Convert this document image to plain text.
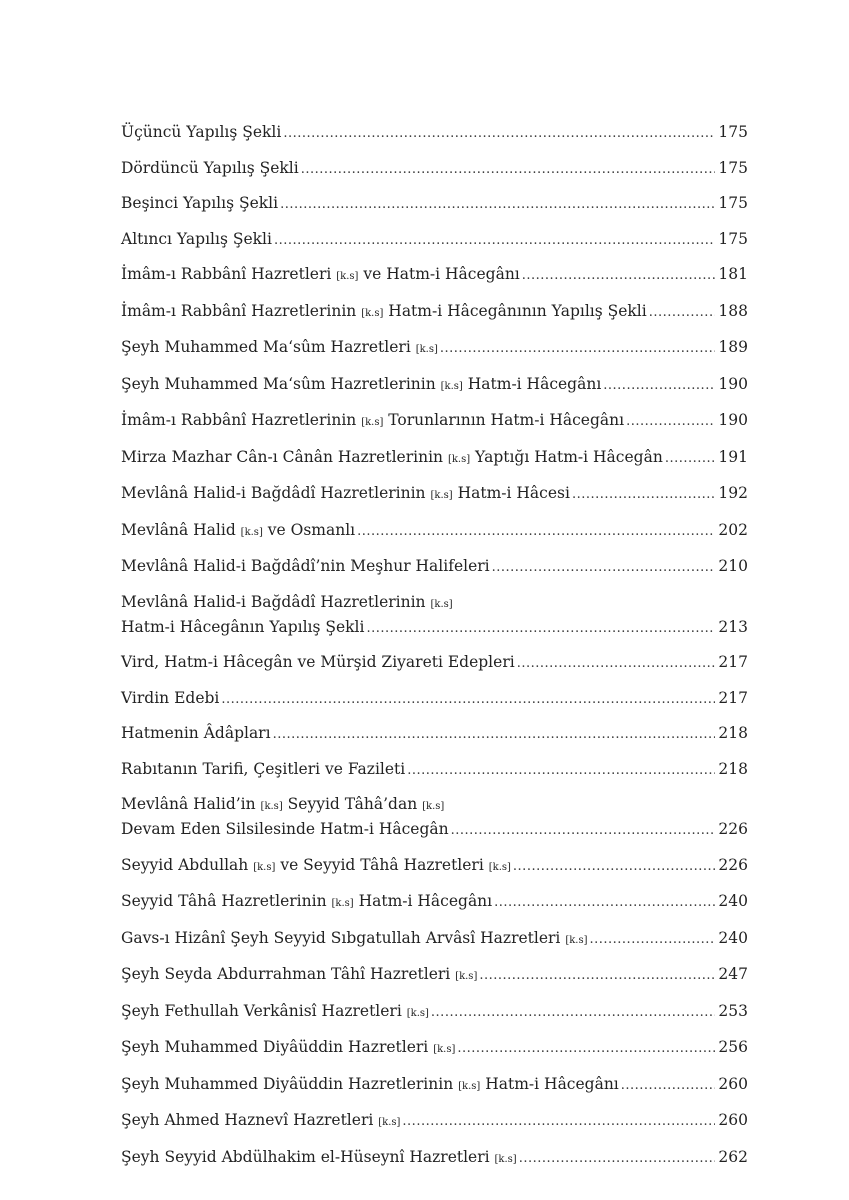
Üçüncü Yapılış Şekli .....	175
Dördüncü Yapılış Şekli .....	175
Beşinci Yapılış Şekli .....	175
Altıncı Yapılış Şekli .....	175
İmâm-ı Rabbânî Hazretleri [k.s] ve Hatm-i Hâcegânı .....	181
İmâm-ı Rabbânî Hazretlerinin [k.s] Hatm-i Hâcegânının Yapılış Şekli .....	188
Şeyh Muhammed Ma‘sûm Hazretleri [k.s] .....	189
Şeyh Muhammed Ma‘sûm Hazretlerinin [k.s] Hatm-i Hâcegânı .....	190
İmâm-ı Rabbânî Hazretlerinin [k.s] Torunlarının Hatm-i Hâcegânı .....	190
Mirza Mazhar Cân-ı Cânân Hazretlerinin [k.s] Yaptığı Hatm-i Hâcegân .....	191
Mevlânâ Halid-i Bağdâdî Hazretlerinin [k.s] Hatm-i Hâcesi .....	192
Mevlânâ Halid [k.s] ve Osmanlı .....	202
Mevlânâ Halid-i Bağdâdî’nin Meşhur Halifeleri .....	210
Mevlânâ Halid-i Bağdâdî Hazretlerinin [k.s]
Hatm-i Hâcegânın Yapılış Şekli .....	213
Vird, Hatm-i Hâcegân ve Mürşid Ziyareti Edepleri .....	217
Virdin Edebi .....	217
Hatmenin Âdâpları .....	218
Rabıtanın Tarifi, Çeşitleri ve Fazileti .....	218
Mevlânâ Halid’in [k.s] Seyyid Tâhâ’dan [k.s]
Devam Eden Silsilesinde Hatm-i Hâcegân .....	226
Seyyid Abdullah [k.s] ve Seyyid Tâhâ Hazretleri [k.s] .....	226
Seyyid Tâhâ Hazretlerinin [k.s] Hatm-i Hâcegânı .....	240
Gavs-ı Hizânî Şeyh Seyyid Sıbgatullah Arvâsî Hazretleri [k.s] .....	240
Şeyh Seyda Abdurrahman Tâhî Hazretleri [k.s] .....	247
Şeyh Fethullah Verkânisî Hazretleri [k.s] .....	253
Şeyh Muhammed Diyâüddin Hazretleri [k.s] .....	256
Şeyh Muhammed Diyâüddin Hazretlerinin [k.s] Hatm-i Hâcegânı .....	260
Şeyh Ahmed Haznevî Hazretleri [k.s] .....	260
Şeyh Seyyid Abdülhakim el-Hüseynî Hazretleri [k.s] .....	262
